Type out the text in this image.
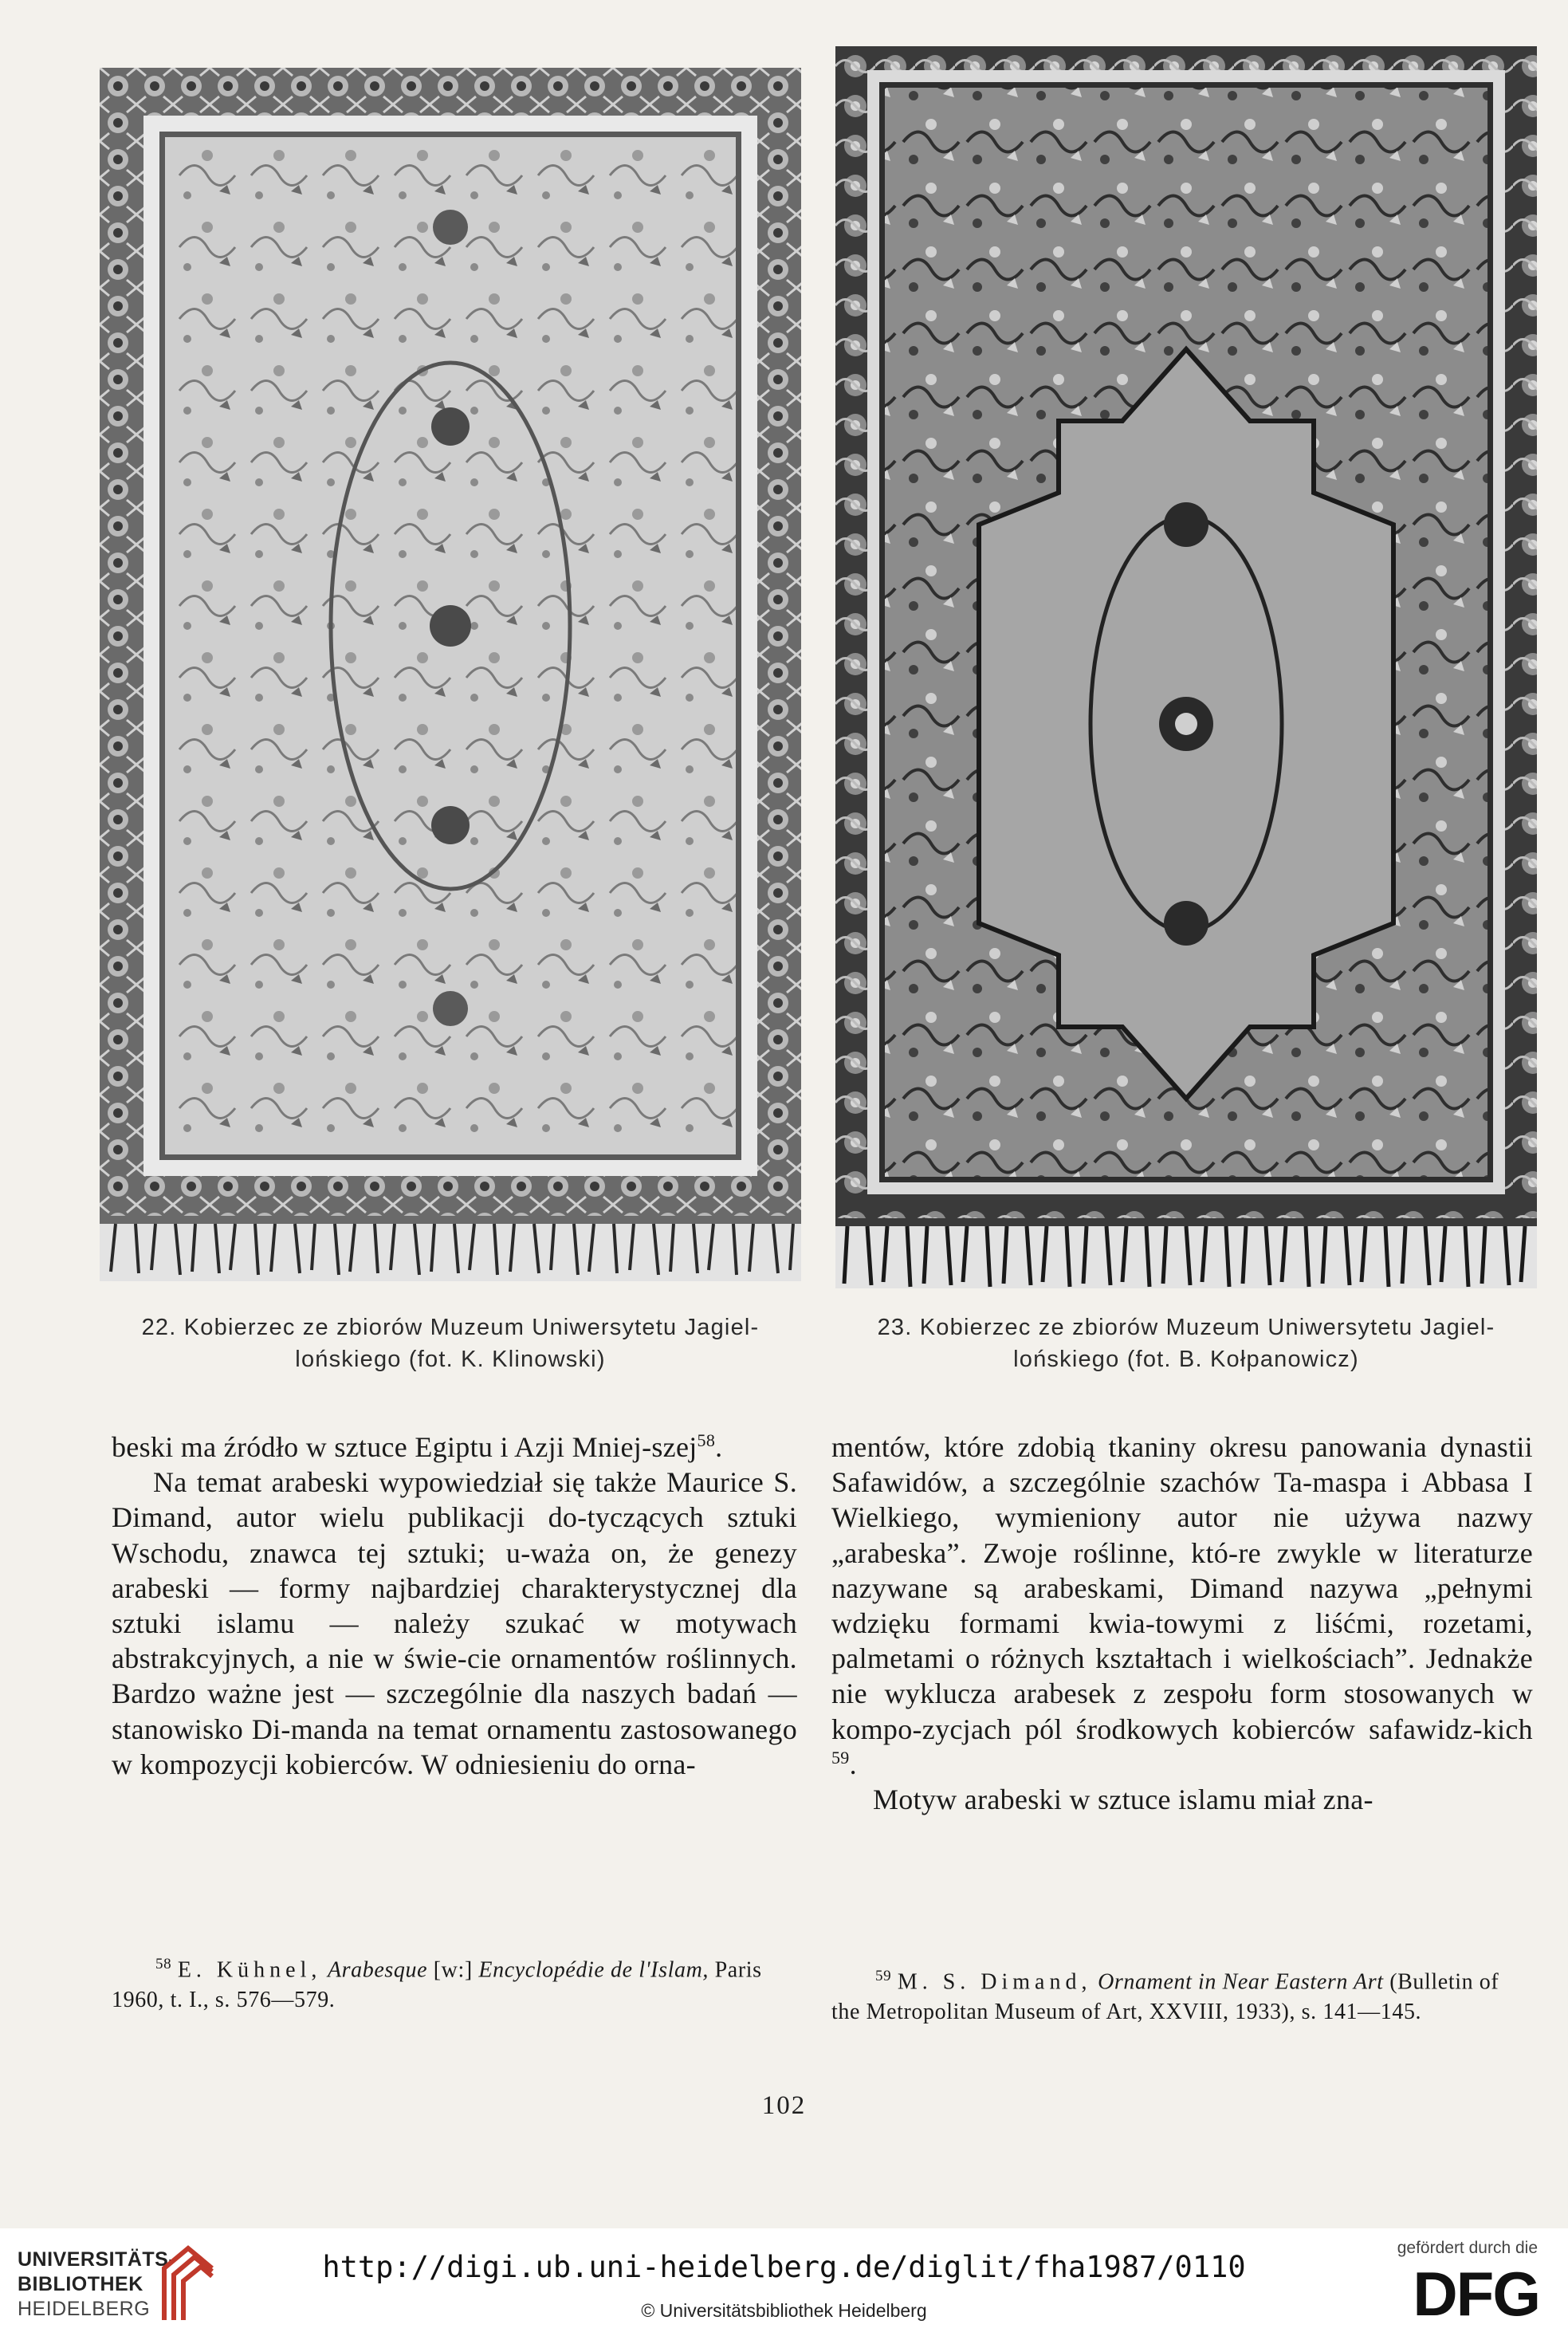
22. Kobierzec ze zbiorów Muzeum Uniwersytetu Jagiel-
lońskiego (fot. K. Klinowski)
23. Kobierzec ze zbiorów Muzeum Uniwersytetu Jagiel-
lońskiego (fot. B. Kołpanowicz)

beski ma źródło w sztuce Egiptu i Azji Mniej-szej$^{58}$.

Na temat arabeski wypowiedział się także Maurice S. Dimand, autor wielu publikacji do-tyczących sztuki Wschodu, znawca tej sztuki; u-waża on, że genezy arabeski — formy najbardziej charakterystycznej dla sztuki islamu — należy szukać w motywach abstrakcyjnych, a nie w świe-cie ornamentów roślinnych. Bardzo ważne jest — szczególnie dla naszych badań — stanowisko Di-manda na temat ornamentu zastosowanego w kompozycji kobierców. W odniesieniu do orna-

mentów, które zdobią tkaniny okresu panowania dynastii Safawidów, a szczególnie szachów Ta-maspa i Abbasa I Wielkiego, wymieniony autor nie używa nazwy „arabeska”. Zwoje roślinne, któ-re zwykle w literaturze nazywane są arabeskami, Dimand nazywa „pełnymi wdzięku formami kwia-towymi z liśćmi, rozetami, palmetami o różnych kształtach i wielkościach”. Jednakże nie wyklucza arabesek z zespołu form stosowanych w kompo-zycjach pól środkowych kobierców safawidz-kich $^{59}$.

Motyw arabeski w sztuce islamu miał zna-

$^{58}$ E. Kühnel, Arabesque [w:] Encyclopédie de l'Islam, Paris 1960, t. I., s. 576—579.
$^{59}$ M. S. Dimand, Ornament in Near Eastern Art (Bulletin of the Metropolitan Museum of Art, XXVIII, 1933), s. 141—145.
102
UNIVERSITÄTS-
BIBLIOTHEK
HEIDELBERG
http://digi.ub.uni-heidelberg.de/diglit/fha1987/0110
© Universitätsbibliothek Heidelberg
gefördert durch die
DFG
